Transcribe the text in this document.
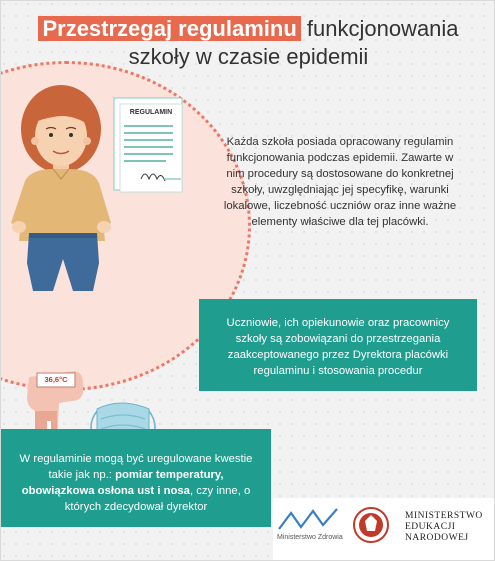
Przestrzegaj regulaminu funkcjonowania
szkoły w czasie epidemii
REGULAMIN
36,6°C
Każda szkoła posiada opracowany regulamin funkcjonowania podczas epidemii. Zawarte w nim procedury są dostosowane do konkretnej szkoły, uwzględniając jej specyfikę, warunki lokalowe, liczebność uczniów oraz inne ważne elementy właściwe dla tej placówki.
Uczniowie, ich opiekunowie oraz pracownicy szkoły są zobowiązani do przestrzegania zaakceptowanego przez Dyrektora placówki regulaminu i stosowania procedur
W regulaminie mogą być uregulowane kwestie takie jak np.: pomiar temperatury, obowiązkowa osłona ust i nosa, czy inne, o których zdecydował dyrektor
Ministerstwo Zdrowia
MINISTERSTWO
EDUKACJI
NARODOWEJ
